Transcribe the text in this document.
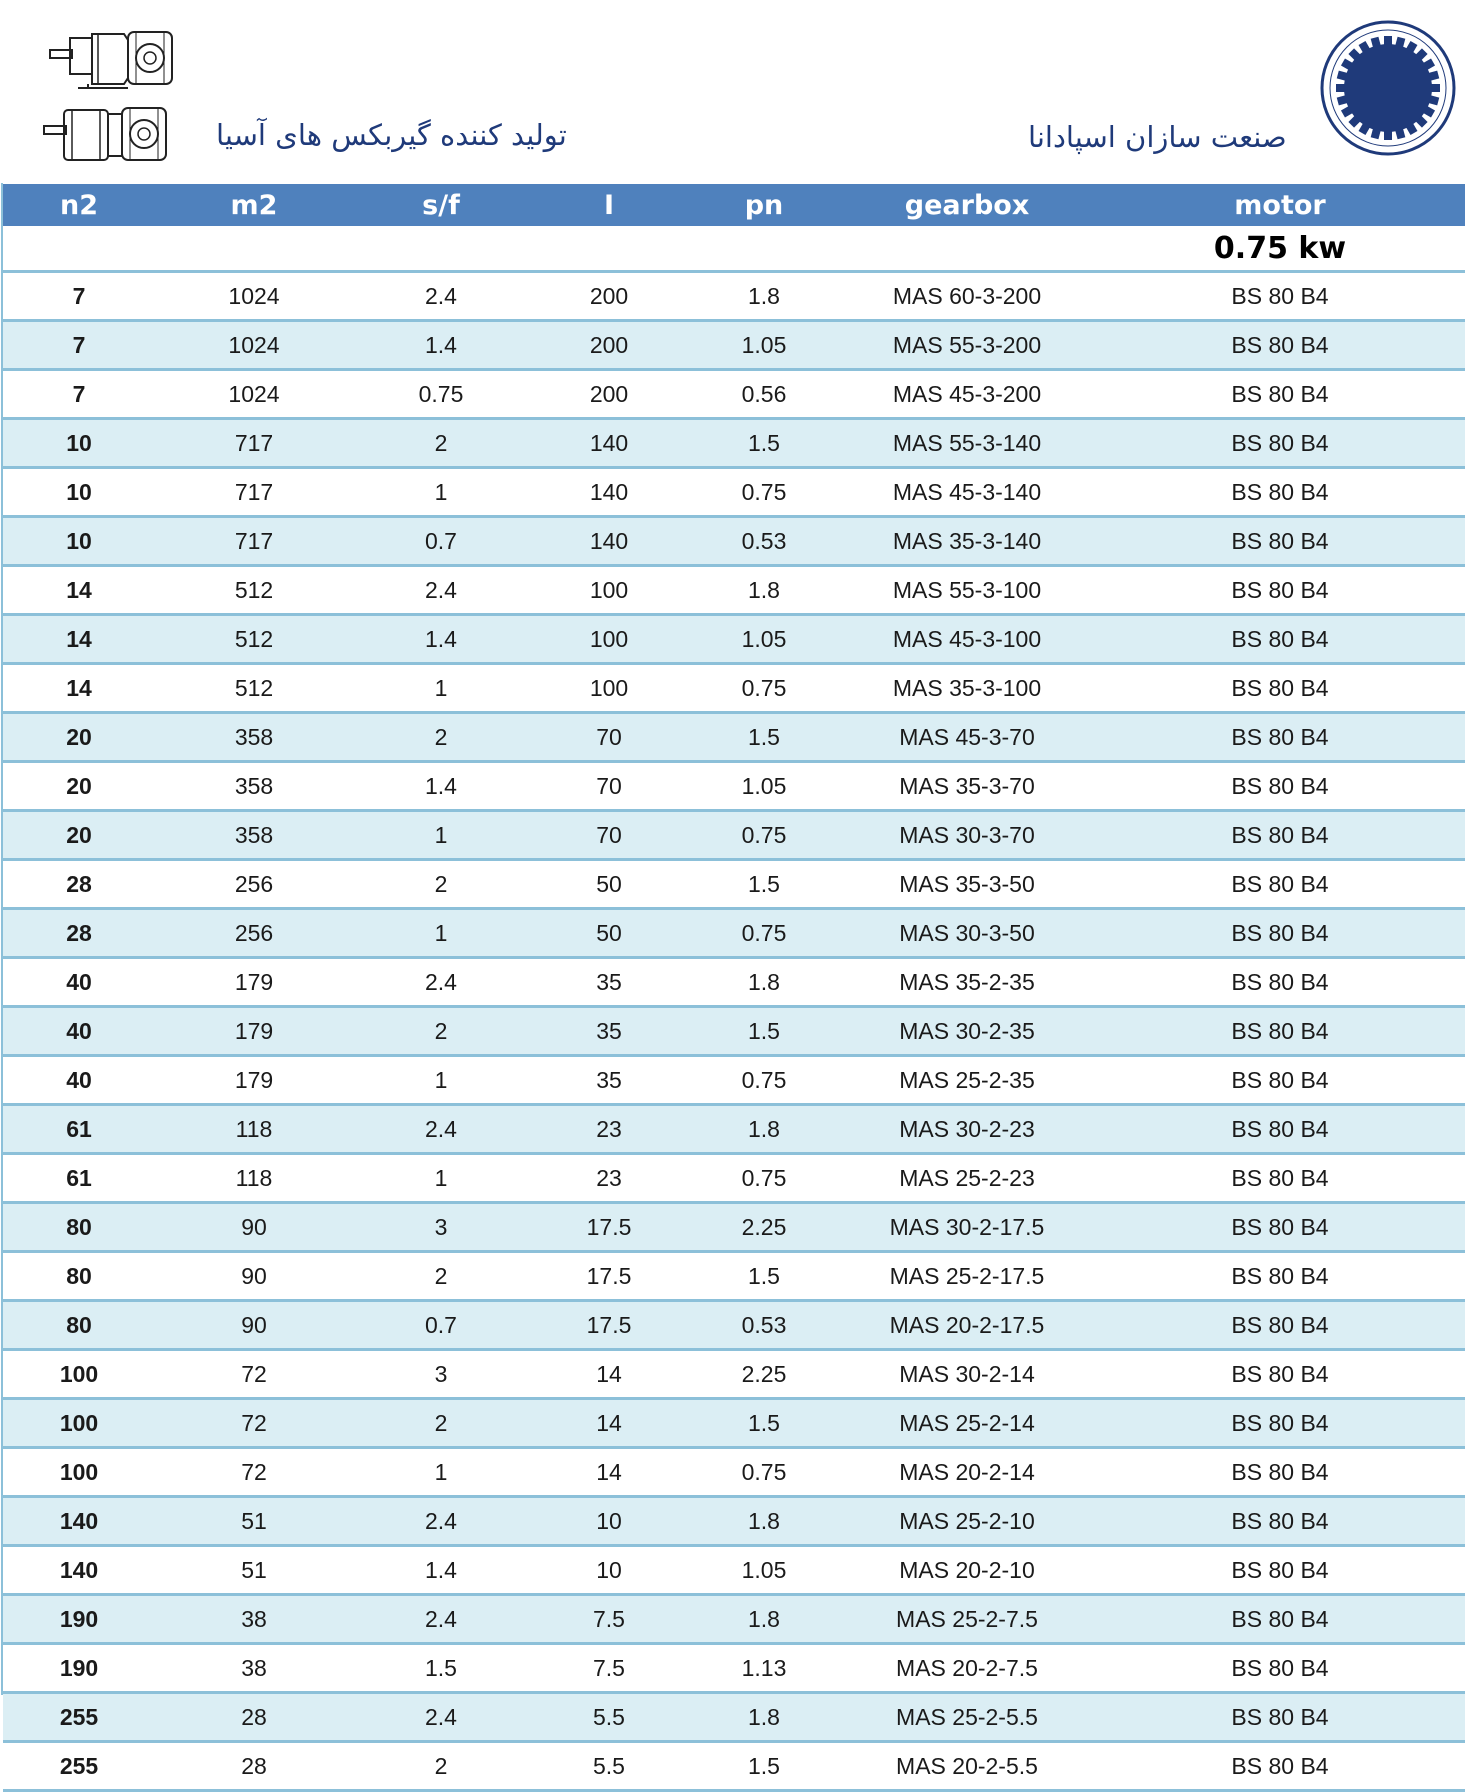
تولید کننده گیربکس های آسیا	صنعت سازان اسپادانا
n2	m2	s/f	I	pn	gearbox	motor
						0.75 kw
7	1024	2.4	200	1.8	MAS 60-3-200	BS 80 B4
7	1024	1.4	200	1.05	MAS 55-3-200	BS 80 B4
7	1024	0.75	200	0.56	MAS 45-3-200	BS 80 B4
10	717	2	140	1.5	MAS 55-3-140	BS 80 B4
10	717	1	140	0.75	MAS 45-3-140	BS 80 B4
10	717	0.7	140	0.53	MAS 35-3-140	BS 80 B4
14	512	2.4	100	1.8	MAS 55-3-100	BS 80 B4
14	512	1.4	100	1.05	MAS 45-3-100	BS 80 B4
14	512	1	100	0.75	MAS 35-3-100	BS 80 B4
20	358	2	70	1.5	MAS 45-3-70	BS 80 B4
20	358	1.4	70	1.05	MAS 35-3-70	BS 80 B4
20	358	1	70	0.75	MAS 30-3-70	BS 80 B4
28	256	2	50	1.5	MAS 35-3-50	BS 80 B4
28	256	1	50	0.75	MAS 30-3-50	BS 80 B4
40	179	2.4	35	1.8	MAS 35-2-35	BS 80 B4
40	179	2	35	1.5	MAS 30-2-35	BS 80 B4
40	179	1	35	0.75	MAS 25-2-35	BS 80 B4
61	118	2.4	23	1.8	MAS 30-2-23	BS 80 B4
61	118	1	23	0.75	MAS 25-2-23	BS 80 B4
80	90	3	17.5	2.25	MAS 30-2-17.5	BS 80 B4
80	90	2	17.5	1.5	MAS 25-2-17.5	BS 80 B4
80	90	0.7	17.5	0.53	MAS 20-2-17.5	BS 80 B4
100	72	3	14	2.25	MAS 30-2-14	BS 80 B4
100	72	2	14	1.5	MAS 25-2-14	BS 80 B4
100	72	1	14	0.75	MAS 20-2-14	BS 80 B4
140	51	2.4	10	1.8	MAS 25-2-10	BS 80 B4
140	51	1.4	10	1.05	MAS 20-2-10	BS 80 B4
190	38	2.4	7.5	1.8	MAS 25-2-7.5	BS 80 B4
190	38	1.5	7.5	1.13	MAS 20-2-7.5	BS 80 B4
255	28	2.4	5.5	1.8	MAS 25-2-5.5	BS 80 B4
255	28	2	5.5	1.5	MAS 20-2-5.5	BS 80 B4
